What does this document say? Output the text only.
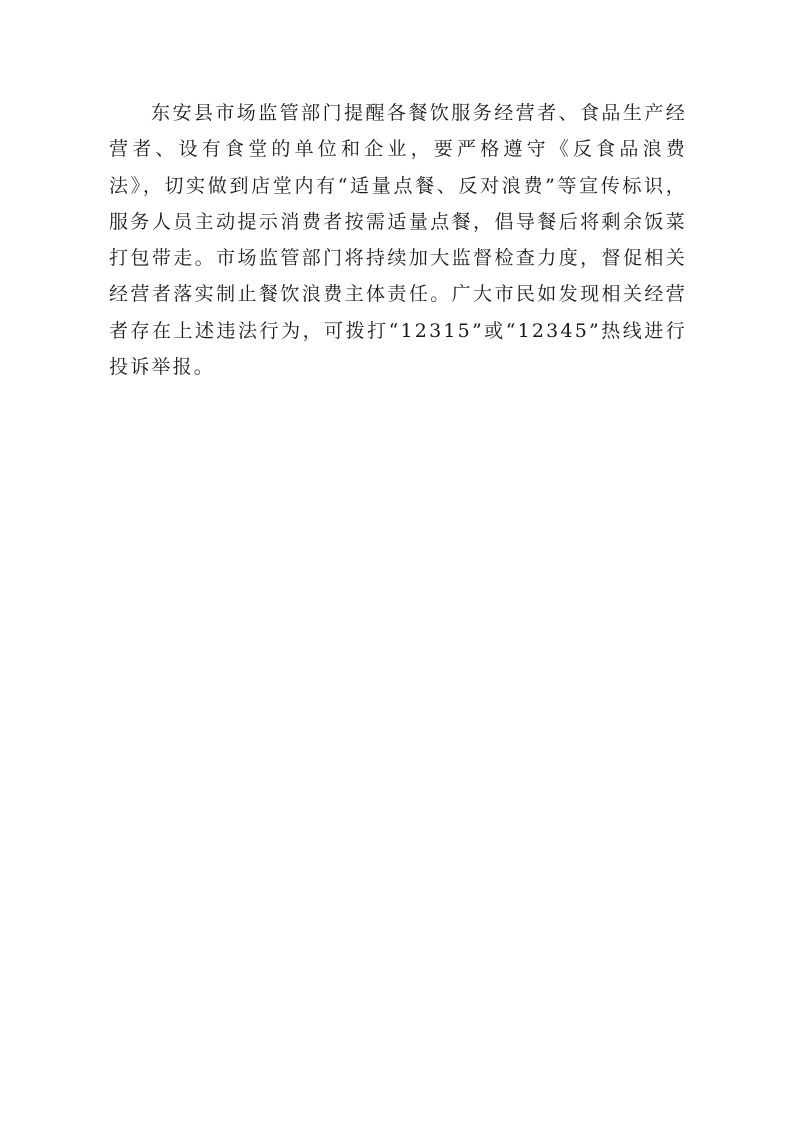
东安县市场监管部门提醒各餐饮服务经营者、食品生产经营者、设有食堂的单位和企业，要严格遵守《反食品浪费法》，切实做到店堂内有“适量点餐、反对浪费”等宣传标识，服务人员主动提示消费者按需适量点餐，倡导餐后将剩余饭菜打包带走。市场监管部门将持续加大监督检查力度，督促相关经营者落实制止餐饮浪费主体责任。广大市民如发现相关经营者存在上述违法行为，可拨打“12315”或“12345”热线进行投诉举报。
